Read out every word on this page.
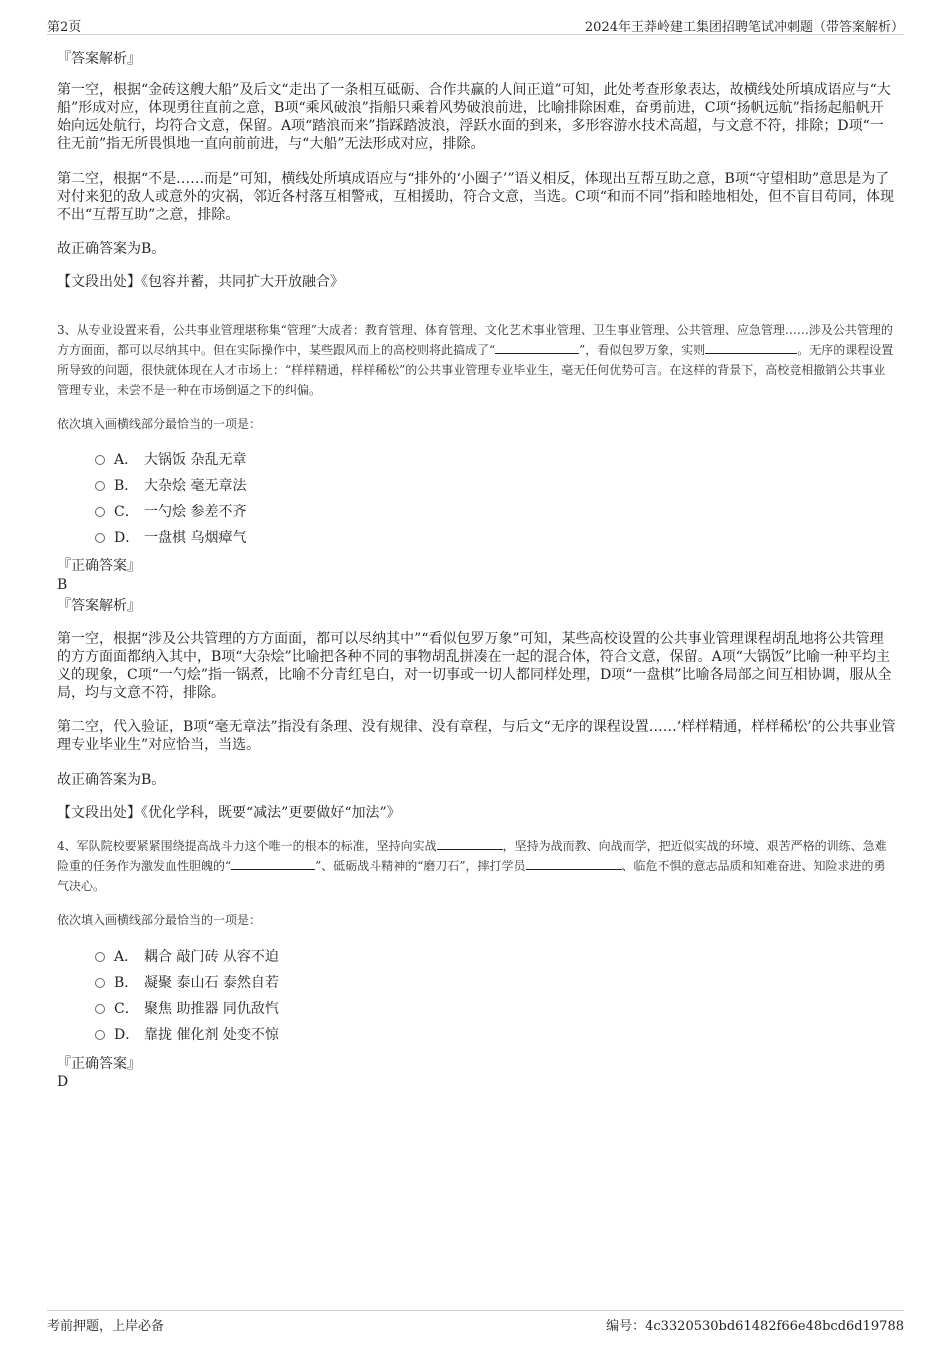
第2页	2024年王莽岭建工集团招聘笔试冲刺题（带答案解析）

『答案解析』

第一空，根据“金砖这艘大船”及后文“走出了一条相互砥砺、合作共赢的人间正道”可知，此处考查形象表达，故横线处所填成语应与“大船”形成对应，体现勇往直前之意，B项“乘风破浪”指船只乘着风势破浪前进，比喻排除困难，奋勇前进，C项“扬帆远航”指扬起船帆开始向远处航行，均符合文意，保留。A项“踏浪而来”指踩踏波浪，浮跃水面的到来，多形容游水技术高超，与文意不符，排除；D项“一往无前”指无所畏惧地一直向前前进，与“大船”无法形成对应，排除。

第二空，根据“不是……而是”可知，横线处所填成语应与“排外的‘小圈子’”语义相反，体现出互帮互助之意，B项“守望相助”意思是为了对付来犯的敌人或意外的灾祸，邻近各村落互相警戒，互相援助，符合文意，当选。C项“和而不同”指和睦地相处，但不盲目苟同，体现不出“互帮互助”之意，排除。

故正确答案为B。

【文段出处】《包容并蓄，共同扩大开放融合》

3、从专业设置来看，公共事业管理堪称集“管理”大成者：教育管理、体育管理、文化艺术事业管理、卫生事业管理、公共管理、应急管理……涉及公共管理的方方面面，都可以尽纳其中。但在实际操作中，某些跟风而上的高校则将此搞成了“	”，看似包罗万象，实则	。无序的课程设置所导致的问题，很快就体现在人才市场上：“样样精通，样样稀松”的公共事业管理专业毕业生，毫无任何优势可言。在这样的背景下，高校竞相撤销公共事业管理专业，未尝不是一种在市场倒逼之下的纠偏。

依次填入画横线部分最恰当的一项是：

A． 大锅饭 杂乱无章
B． 大杂烩 毫无章法
C． 一勺烩 参差不齐
D． 一盘棋 乌烟瘴气

『正确答案』

B

『答案解析』

第一空，根据“涉及公共管理的方方面面，都可以尽纳其中”“看似包罗万象”可知，某些高校设置的公共事业管理课程胡乱地将公共管理的方方面面都纳入其中，B项“大杂烩”比喻把各种不同的事物胡乱拼凑在一起的混合体，符合文意，保留。A项“大锅饭”比喻一种平均主义的现象，C项“一勺烩”指一锅煮，比喻不分青红皂白，对一切事或一切人都同样处理，D项“一盘棋”比喻各局部之间互相协调，服从全局，均与文意不符，排除。

第二空，代入验证，B项“毫无章法”指没有条理、没有规律、没有章程，与后文“无序的课程设置……‘样样精通，样样稀松’的公共事业管理专业毕业生”对应恰当，当选。

故正确答案为B。

【文段出处】《优化学科，既要“减法”更要做好“加法”》

4、军队院校要紧紧围绕提高战斗力这个唯一的根本的标准，坚持向实战	，坚持为战而教、向战而学，把近似实战的环境、艰苦严格的训练、急难险重的任务作为激发血性胆魄的“	”、砥砺战斗精神的“磨刀石”，摔打学员	、临危不惧的意志品质和知难奋进、知险求进的勇气决心。

依次填入画横线部分最恰当的一项是：

A． 耦合 敲门砖 从容不迫
B． 凝聚 泰山石 泰然自若
C． 聚焦 助推器 同仇敌忾
D． 靠拢 催化剂 处变不惊

『正确答案』

D

考前押题，上岸必备	编号：4c3320530bd61482f66e48bcd6d19788
